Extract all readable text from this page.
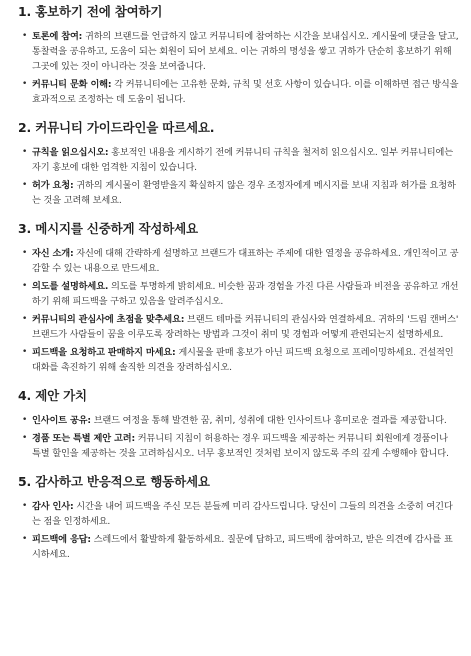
1. 홍보하기 전에 참여하기
• 토론에 참여: 귀하의 브랜드를 언급하지 않고 커뮤니티에 참여하는 시간을 보내십시오. 게시물에 댓글을 달고, 통찰력을 공유하고, 도움이 되는 회원이 되어 보세요. 이는 귀하의 명성을 쌓고 귀하가 단순히 홍보하기 위해 그곳에 있는 것이 아니라는 것을 보여줍니다.
• 커뮤니티 문화 이해: 각 커뮤니티에는 고유한 문화, 규칙 및 선호 사항이 있습니다. 이를 이해하면 접근 방식을 효과적으로 조정하는 데 도움이 됩니다.
2. 커뮤니티 가이드라인을 따르세요.
• 규칙을 읽으십시오: 홍보적인 내용을 게시하기 전에 커뮤니티 규칙을 철저히 읽으십시오. 일부 커뮤니티에는 자기 홍보에 대한 엄격한 지침이 있습니다.
• 허가 요청: 귀하의 게시물이 환영받을지 확실하지 않은 경우 조정자에게 메시지를 보내 지침과 허가를 요청하는 것을 고려해 보세요.
3. 메시지를 신중하게 작성하세요
• 자신 소개: 자신에 대해 간략하게 설명하고 브랜드가 대표하는 주제에 대한 열정을 공유하세요. 개인적이고 공감할 수 있는 내용으로 만드세요.
• 의도를 설명하세요. 의도를 투명하게 밝히세요. 비슷한 꿈과 경험을 가진 다른 사람들과 비전을 공유하고 개선하기 위해 피드백을 구하고 있음을 알려주십시오.
• 커뮤니티의 관심사에 초점을 맞추세요: 브랜드 테마를 커뮤니티의 관심사와 연결하세요. 귀하의 '드림 캔버스' 브랜드가 사람들이 꿈을 이루도록 장려하는 방법과 그것이 취미 및 경험과 어떻게 관련되는지 설명하세요.
• 피드백을 요청하고 판매하지 마세요: 게시물을 판매 홍보가 아닌 피드백 요청으로 프레이밍하세요. 건설적인 대화를 촉진하기 위해 솔직한 의견을 장려하십시오.
4. 제안 가치
• 인사이트 공유: 브랜드 여정을 통해 발견한 꿈, 취미, 성취에 대한 인사이트나 흥미로운 결과를 제공합니다.
• 경품 또는 특별 제안 고려: 커뮤니티 지침이 허용하는 경우 피드백을 제공하는 커뮤니티 회원에게 경품이나 특별 할인을 제공하는 것을 고려하십시오. 너무 홍보적인 것처럼 보이지 않도록 주의 깊게 수행해야 합니다.
5. 감사하고 반응적으로 행동하세요
• 감사 인사: 시간을 내어 피드백을 주신 모든 분들께 미리 감사드립니다. 당신이 그들의 의견을 소중히 여긴다는 점을 인정하세요.
• 피드백에 응답: 스레드에서 활발하게 활동하세요. 질문에 답하고, 피드백에 참여하고, 받은 의견에 감사를 표시하세요.
